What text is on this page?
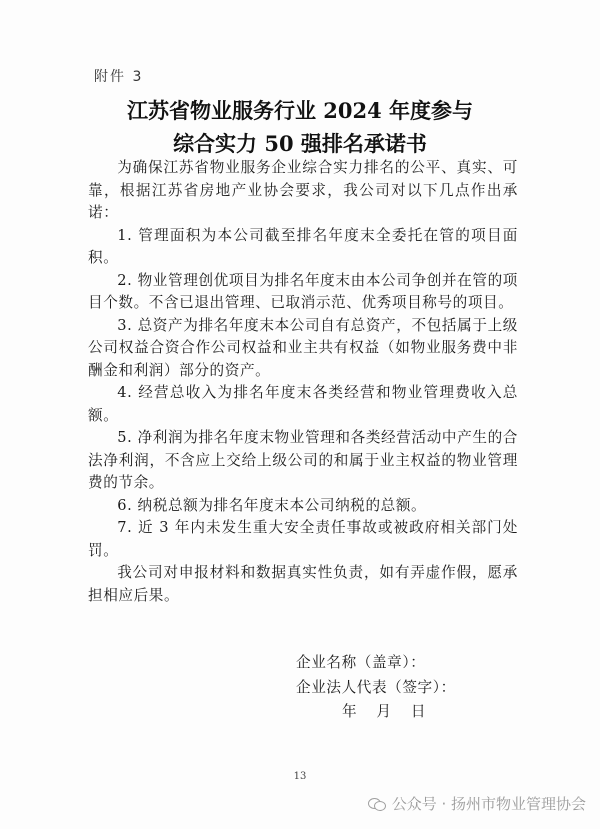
附件 3
江苏省物业服务行业 2024 年度参与
综合实力 50 强排名承诺书

为确保江苏省物业服务企业综合实力排名的公平、真实、可靠，根据江苏省房地产业协会要求，我公司对以下几点作出承诺：

1. 管理面积为本公司截至排名年度末全委托在管的项目面积。

2. 物业管理创优项目为排名年度末由本公司争创并在管的项目个数。不含已退出管理、已取消示范、优秀项目称号的项目。

3. 总资产为排名年度末本公司自有总资产，不包括属于上级公司权益合资合作公司权益和业主共有权益（如物业服务费中非酬金和利润）部分的资产。

4. 经营总收入为排名年度末各类经营和物业管理费收入总额。

5. 净利润为排名年度末物业管理和各类经营活动中产生的合法净利润，不含应上交给上级公司的和属于业主权益的物业管理费的节余。

6. 纳税总额为排名年度末本公司纳税的总额。

7. 近 3 年内未发生重大安全责任事故或被政府相关部门处罚。

我公司对申报材料和数据真实性负责，如有弄虚作假，愿承担相应后果。

企业名称（盖章）：
企业法人代表（签字）：
年 月 日
13
公众号 · 扬州市物业管理协会
